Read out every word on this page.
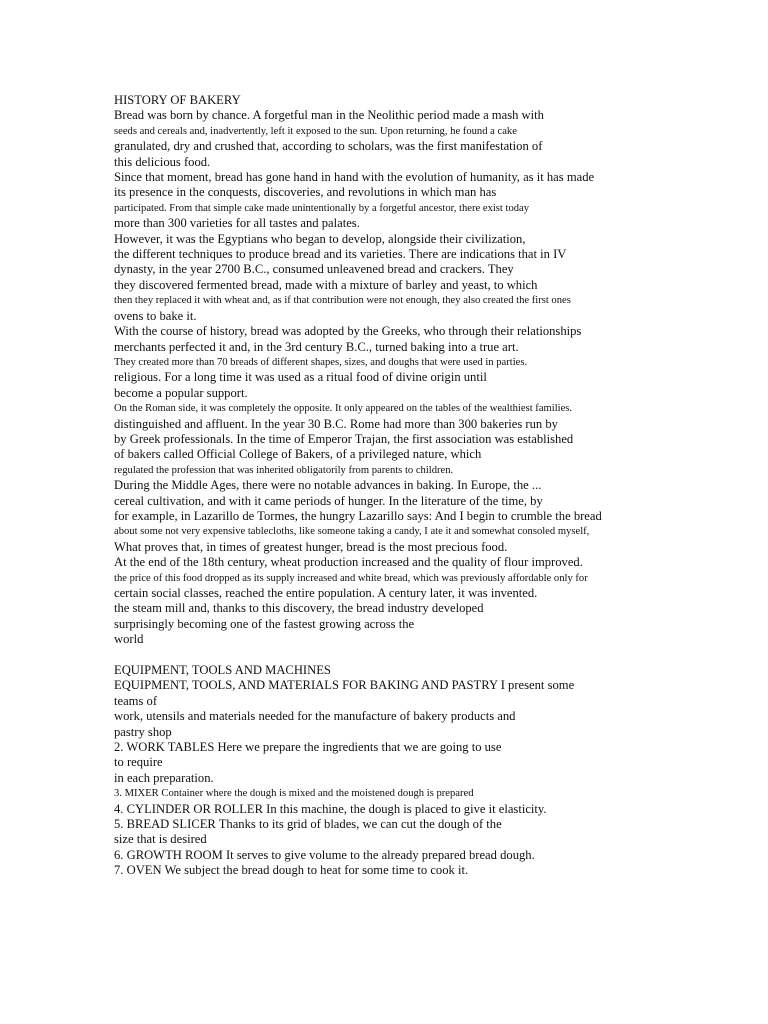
HISTORY OF BAKERY
Bread was born by chance. A forgetful man in the Neolithic period made a mash with
seeds and cereals and, inadvertently, left it exposed to the sun. Upon returning, he found a cake
granulated, dry and crushed that, according to scholars, was the first manifestation of
this delicious food.
Since that moment, bread has gone hand in hand with the evolution of humanity, as it has made
its presence in the conquests, discoveries, and revolutions in which man has
participated. From that simple cake made unintentionally by a forgetful ancestor, there exist today
more than 300 varieties for all tastes and palates.
However, it was the Egyptians who began to develop, alongside their civilization,
the different techniques to produce bread and its varieties. There are indications that in IV
dynasty, in the year 2700 B.C., consumed unleavened bread and crackers. They
they discovered fermented bread, made with a mixture of barley and yeast, to which
then they replaced it with wheat and, as if that contribution were not enough, they also created the first ones
ovens to bake it.
With the course of history, bread was adopted by the Greeks, who through their relationships
merchants perfected it and, in the 3rd century B.C., turned baking into a true art.
They created more than 70 breads of different shapes, sizes, and doughs that were used in parties.
religious. For a long time it was used as a ritual food of divine origin until
become a popular support.
On the Roman side, it was completely the opposite. It only appeared on the tables of the wealthiest families.
distinguished and affluent. In the year 30 B.C. Rome had more than 300 bakeries run by
by Greek professionals. In the time of Emperor Trajan, the first association was established
of bakers called Official College of Bakers, of a privileged nature, which
regulated the profession that was inherited obligatorily from parents to children.
During the Middle Ages, there were no notable advances in baking. In Europe, the ...
cereal cultivation, and with it came periods of hunger. In the literature of the time, by
for example, in Lazarillo de Tormes, the hungry Lazarillo says: And I begin to crumble the bread
about some not very expensive tablecloths, like someone taking a candy, I ate it and somewhat consoled myself,
What proves that, in times of greatest hunger, bread is the most precious food.
At the end of the 18th century, wheat production increased and the quality of flour improved.
the price of this food dropped as its supply increased and white bread, which was previously affordable only for
certain social classes, reached the entire population. A century later, it was invented.
the steam mill and, thanks to this discovery, the bread industry developed
surprisingly becoming one of the fastest growing across the
world
EQUIPMENT, TOOLS AND MACHINES
EQUIPMENT, TOOLS, AND MATERIALS FOR BAKING AND PASTRY I present some
teams of
work, utensils and materials needed for the manufacture of bakery products and
pastry shop
2. WORK TABLES Here we prepare the ingredients that we are going to use
to require
in each preparation.
3. MIXER Container where the dough is mixed and the moistened dough is prepared
4. CYLINDER OR ROLLER In this machine, the dough is placed to give it elasticity.
5. BREAD SLICER Thanks to its grid of blades, we can cut the dough of the
size that is desired
6. GROWTH ROOM It serves to give volume to the already prepared bread dough.
7. OVEN We subject the bread dough to heat for some time to cook it.
